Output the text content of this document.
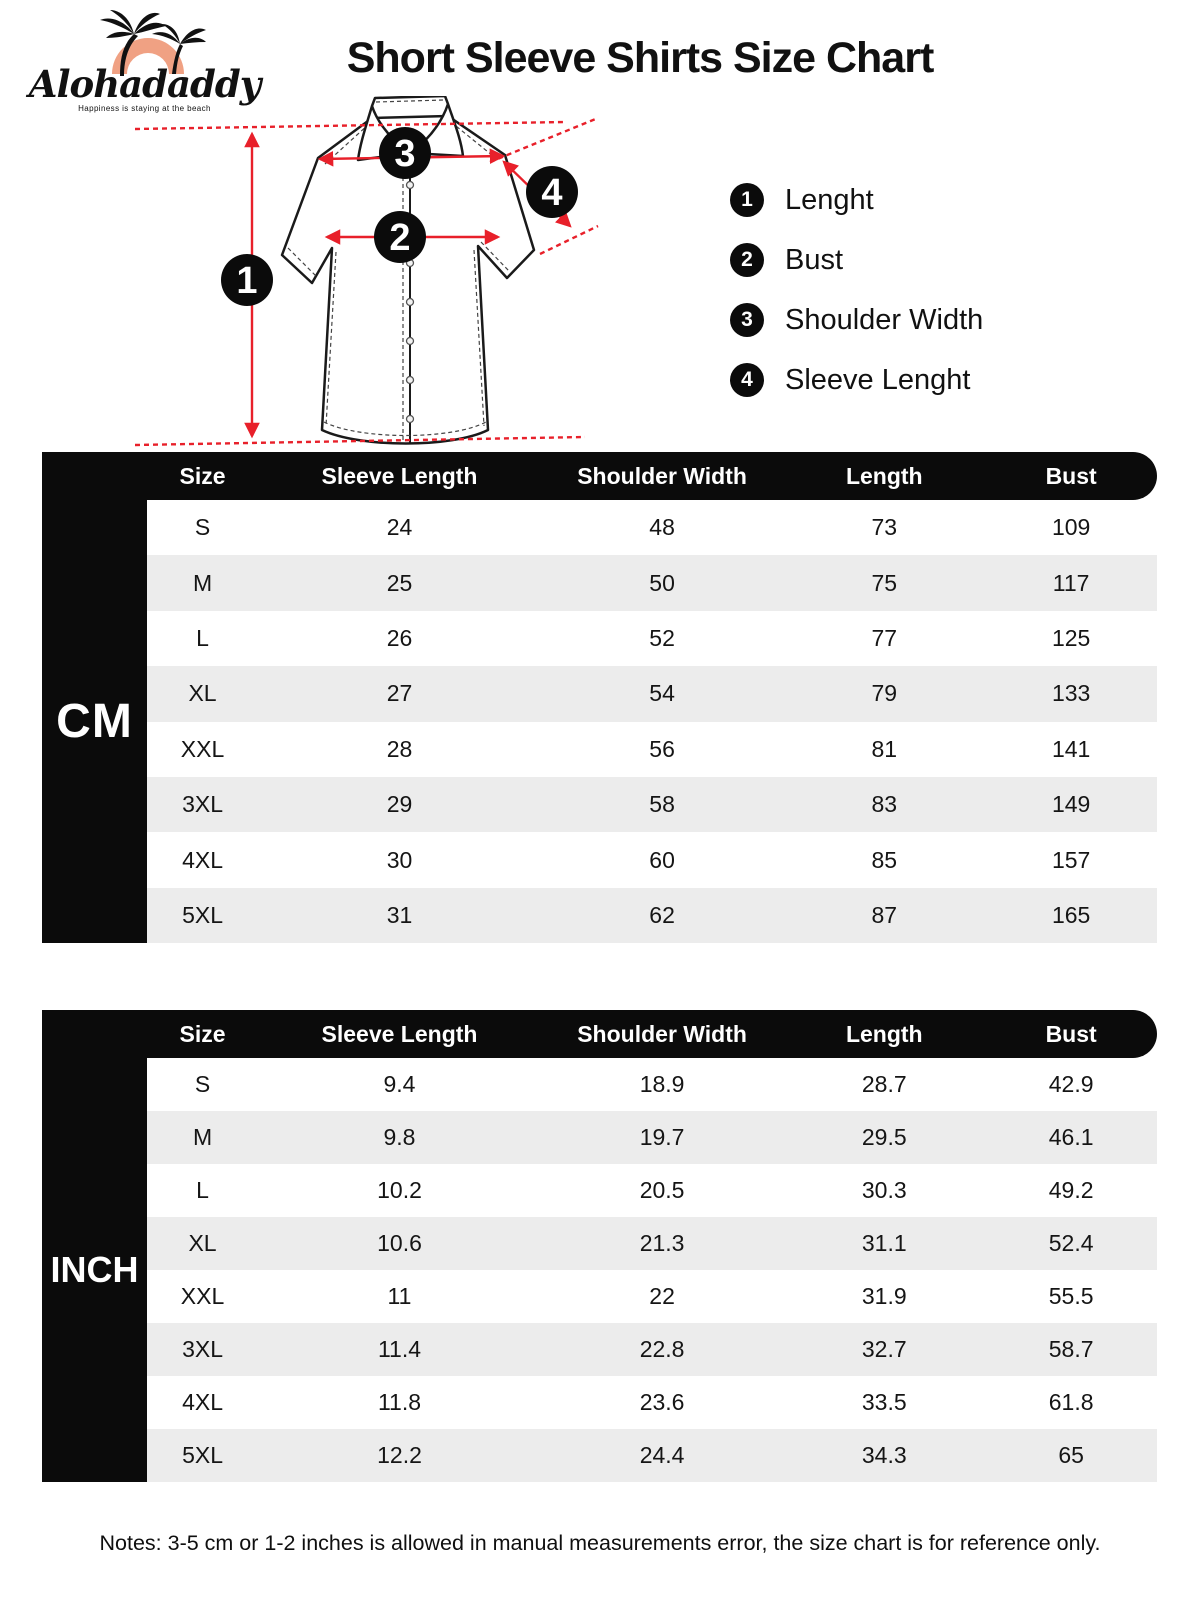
Alohadaddy
Happiness is staying at the beach
Short Sleeve Shirts Size Chart
1
2
3
4	1	Lenght
2	Bust
3	Shoulder Width
4	Sleeve Lenght
Size	Sleeve Length	Shoulder Width	Length	Bust
CM
S	24	48	73	109
M	25	50	75	117
L	26	52	77	125
XL	27	54	79	133
XXL	28	56	81	141
3XL	29	58	83	149
4XL	30	60	85	157
5XL	31	62	87	165
Size	Sleeve Length	Shoulder Width	Length	Bust
INCH
S	9.4	18.9	28.7	42.9
M	9.8	19.7	29.5	46.1
L	10.2	20.5	30.3	49.2
XL	10.6	21.3	31.1	52.4
XXL	11	22	31.9	55.5
3XL	11.4	22.8	32.7	58.7
4XL	11.8	23.6	33.5	61.8
5XL	12.2	24.4	34.3	65
Notes: 3-5 cm or 1-2 inches is allowed in manual measurements error, the size chart is for reference only.
